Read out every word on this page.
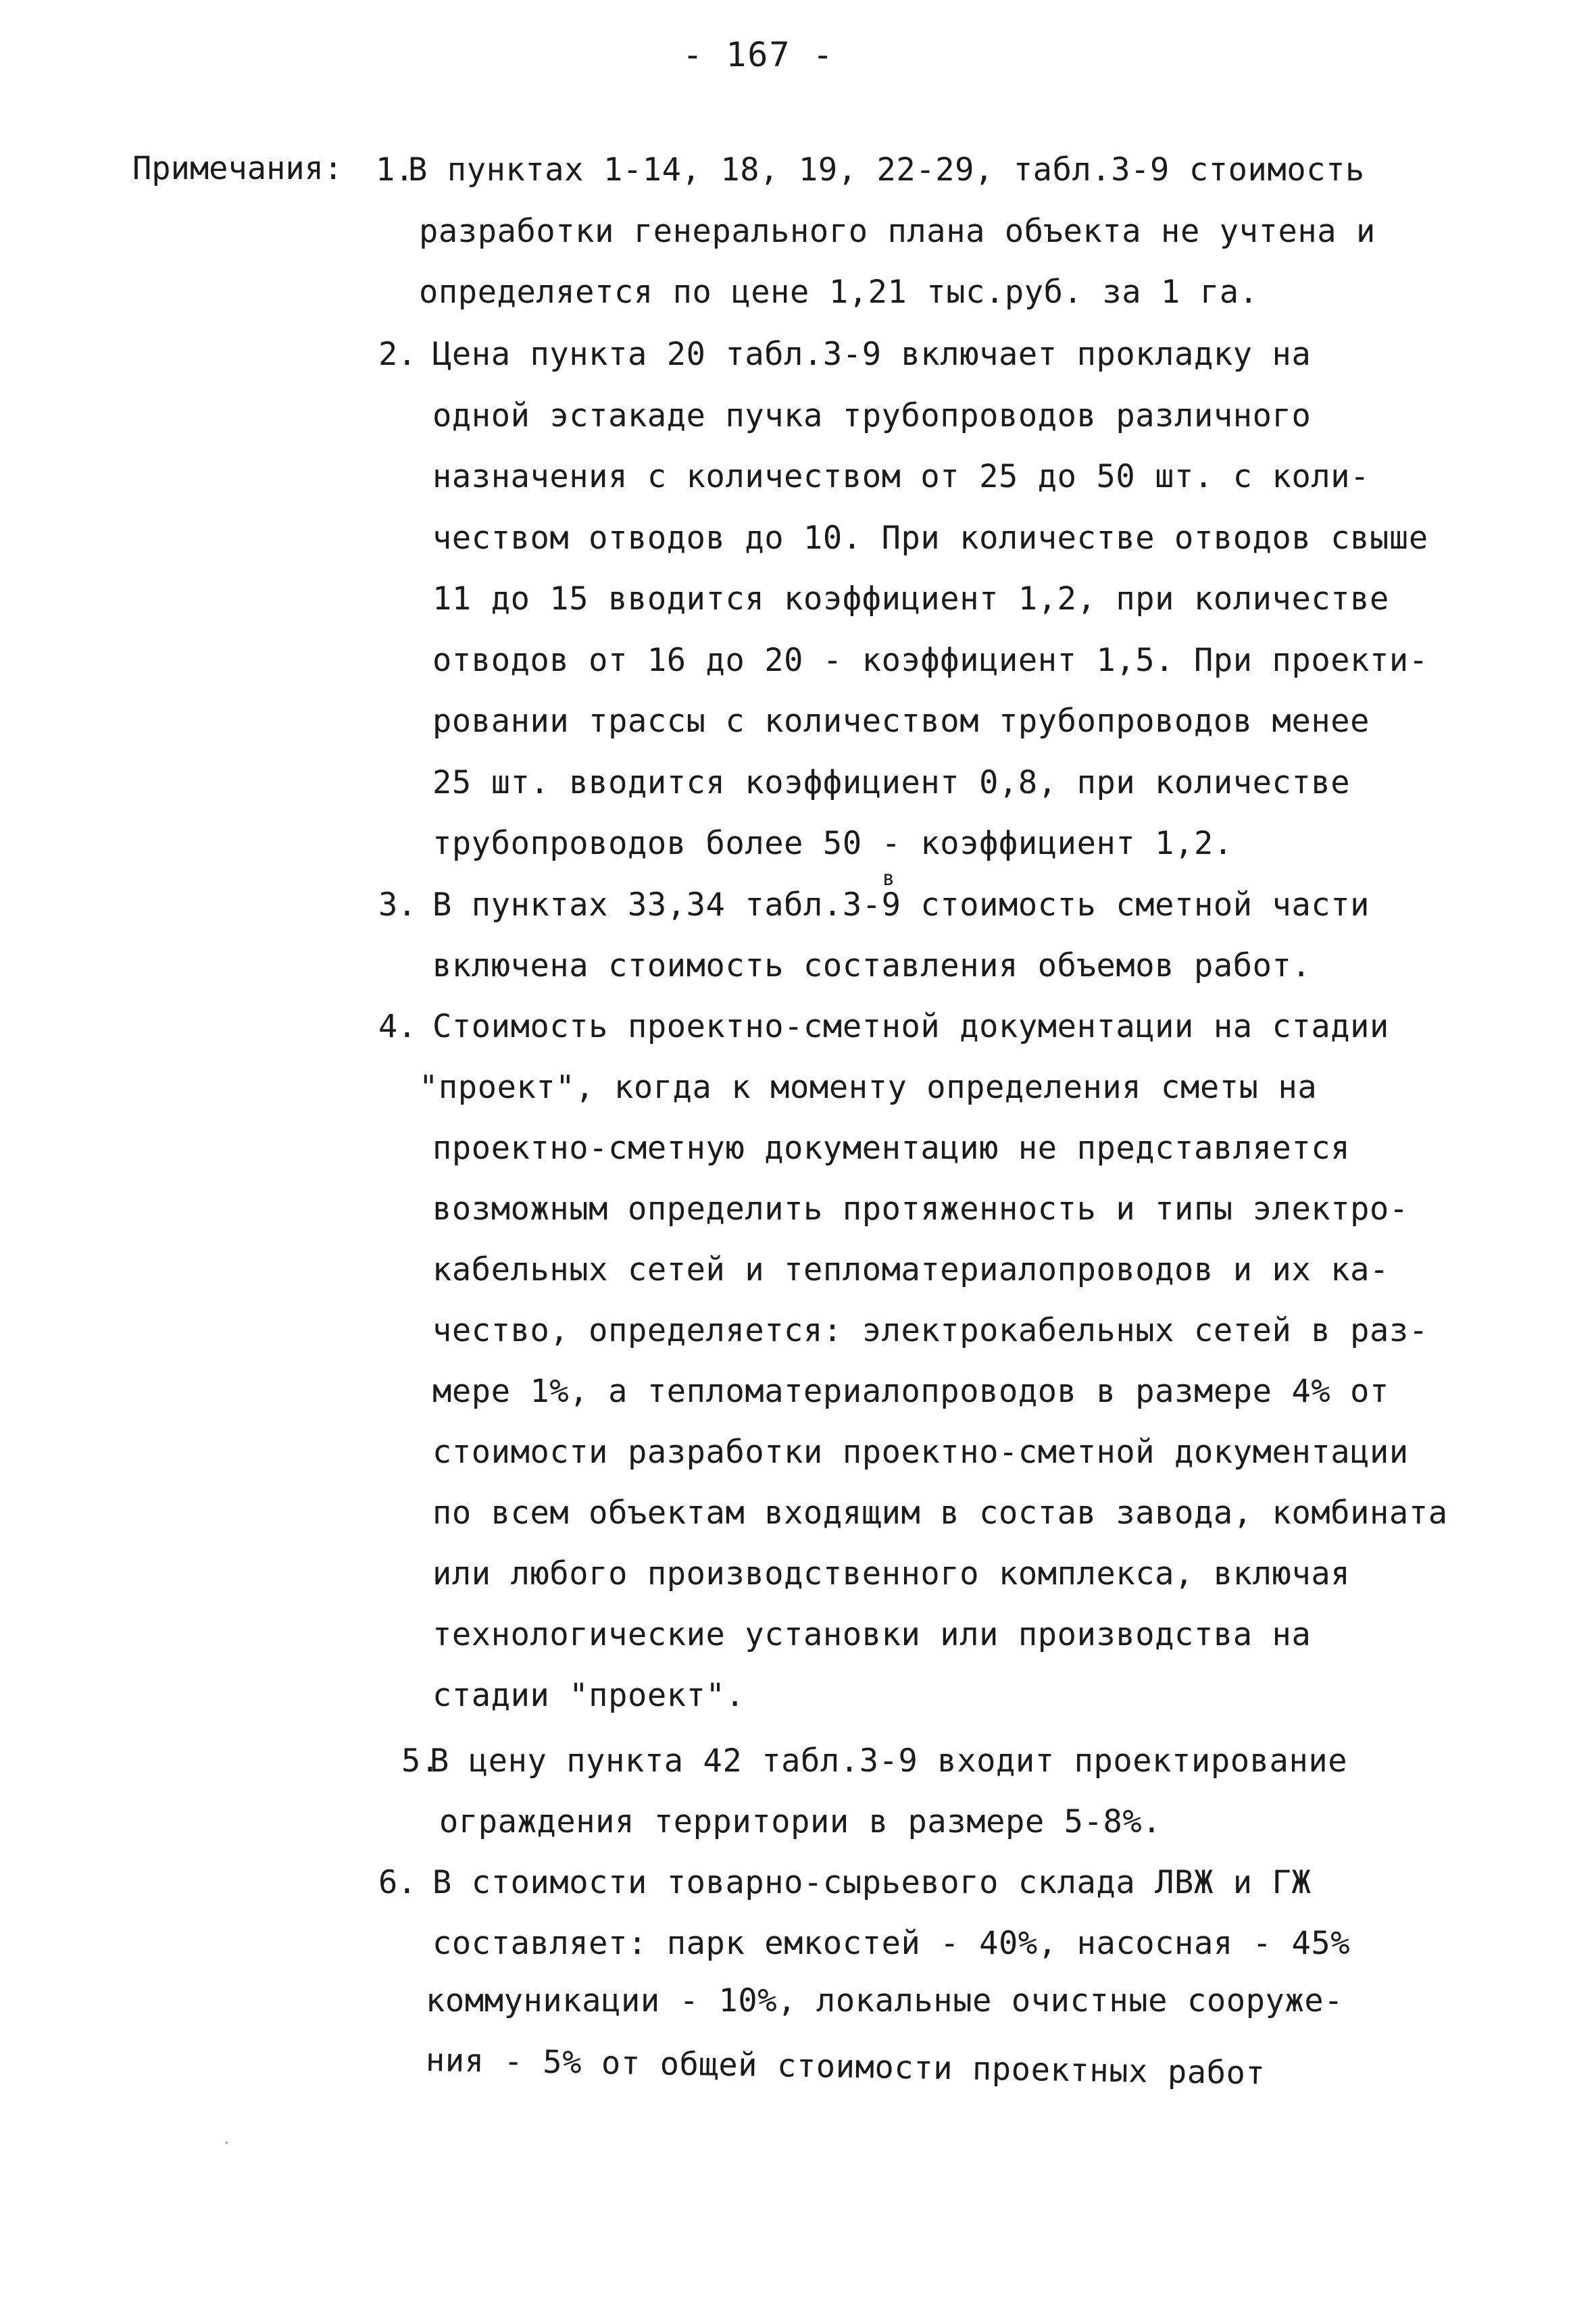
- 167 -
Примечания: 1.
В пунктах 1-14, 18, 19, 22-29, табл.3-9 стоимость
разработки генерального плана объекта не учтена и
определяется по цене 1,21 тыс.руб. за 1 га.
2. Цена пункта 20 табл.3-9 включает прокладку на
одной эстакаде пучка трубопроводов различного
назначения с количеством от 25 до 50 шт. с коли-
чеством отводов до 10. При количестве отводов свыше
11 до 15 вводится коэффициент 1,2, при количестве
отводов от 16 до 20 - коэффициент 1,5. При проекти-
ровании трассы с количеством трубопроводов менее
25 шт. вводится коэффициент 0,8, при количестве
трубопроводов более 50 - коэффициент 1,2.
в
3. В пунктах 33,34 табл.3-9 стоимость сметной части
включена стоимость составления объемов работ.
4. Стоимость проектно-сметной документации на стадии
"проект", когда к моменту определения сметы на
проектно-сметную документацию не представляется
возможным определить протяженность и типы электро-
кабельных сетей и тепломатериалопроводов и их ка-
чество, определяется: электрокабельных сетей в раз-
мере 1%, а тепломатериалопроводов в размере 4% от
стоимости разработки проектно-сметной документации
по всем объектам входящим в состав завода, комбината
или любого производственного комплекса, включая
технологические установки или производства на
стадии "проект".
5.
В цену пункта 42 табл.3-9 входит проектирование
ограждения территории в размере 5-8%.
6. В стоимости товарно-сырьевого склада ЛВЖ и ГЖ
составляет: парк емкостей - 40%, насосная - 45%
коммуникации - 10%, локальные очистные сооруже-
ния - 5% от общей стоимости проектных работ
